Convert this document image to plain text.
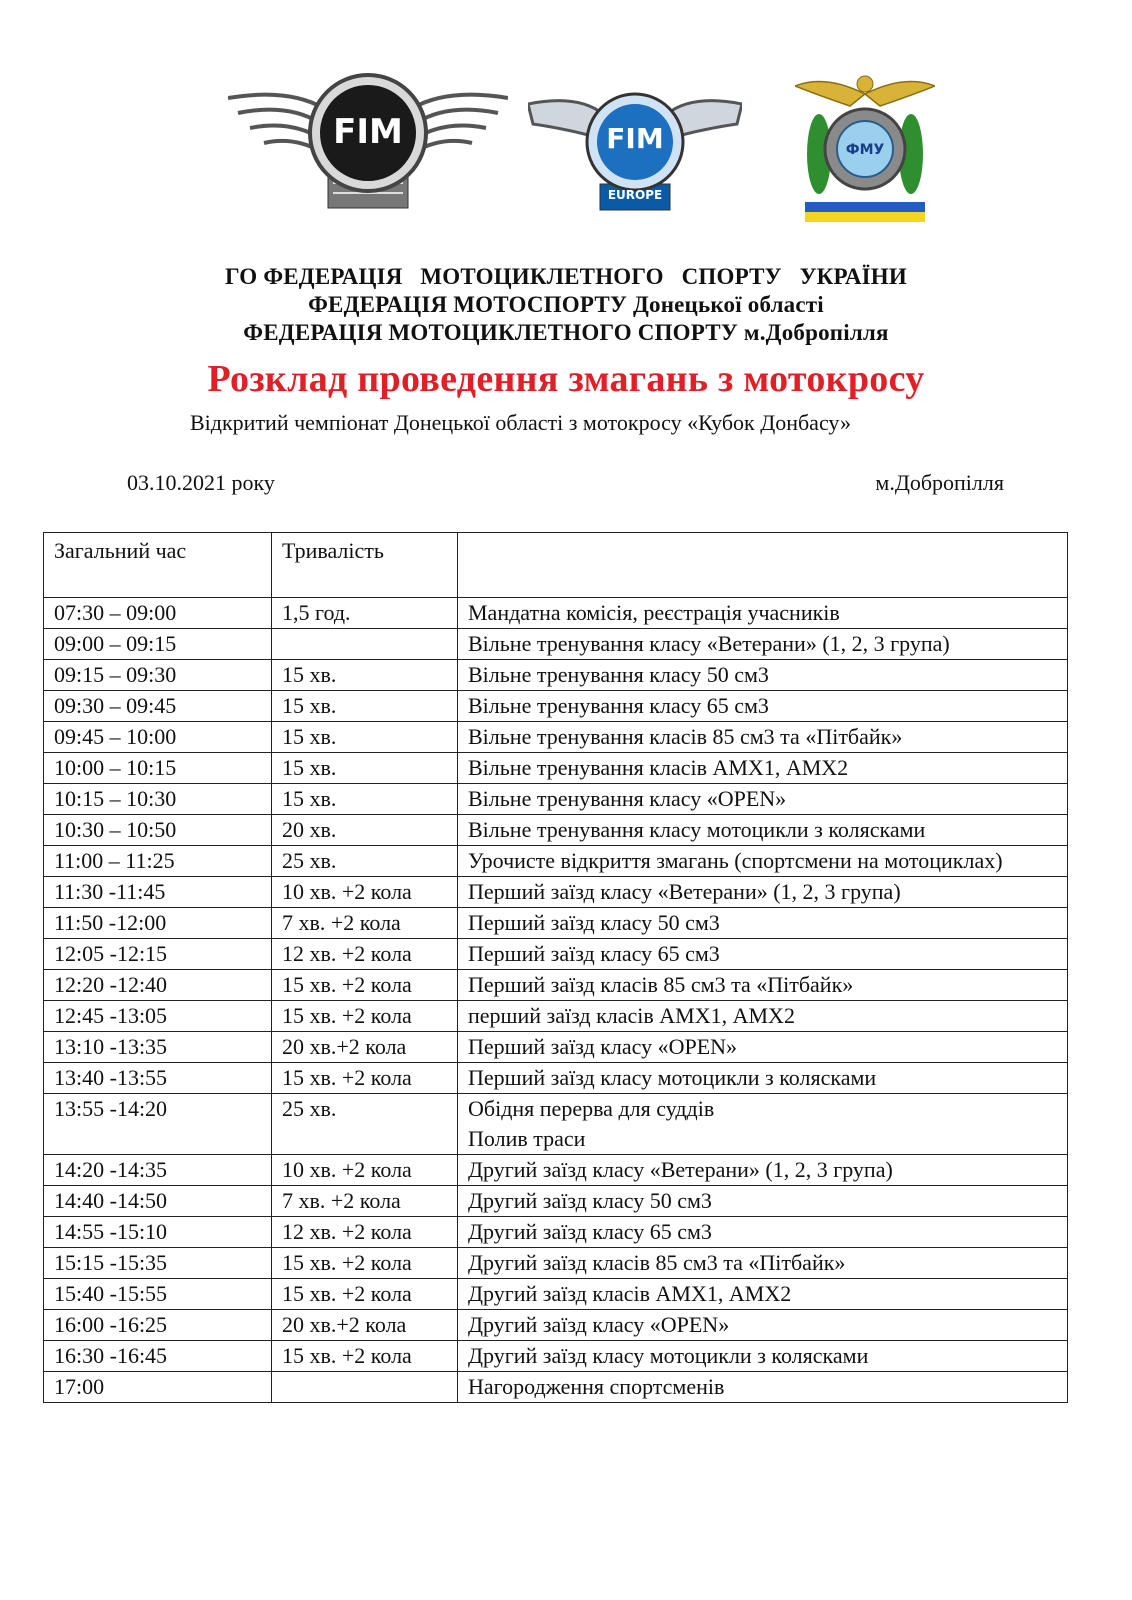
FIM	FIM
EUROPE
ФМУ
ГО ФЕДЕРАЦІЯ   МОТОЦИКЛЕТНОГО   СПОРТУ   УКРАЇНИ
ФЕДЕРАЦІЯ МОТОСПОРТУ Донецької області
ФЕДЕРАЦІЯ МОТОЦИКЛЕТНОГО СПОРТУ м.Добропілля
Розклад проведення змагань з мотокросу
Відкритий чемпіонат Донецької області з мотокросу «Кубок Донбасу»
03.10.2021 року	м.Добропілля
Загальний час	Тривалість	
07:30 – 09:00	1,5 год.	Мандатна комісія, реєстрація учасників

09:00 – 09:15		Вільне тренування класу «Ветерани» (1, 2, 3 група)

09:15 – 09:30	15 хв.	Вільне тренування класу 50 см3

09:30 – 09:45	15 хв.	Вільне тренування класу 65 см3

09:45 – 10:00	15 хв.	Вільне тренування класів 85 см3 та «Пітбайк»

10:00 – 10:15	15 хв.	Вільне тренування класів АМХ1, АМХ2

10:15 – 10:30	15 хв.	Вільне тренування класу «OPEN»

10:30 – 10:50	20 хв.	Вільне тренування класу мотоцикли з колясками

11:00 – 11:25	25 хв.	Урочисте відкриття змагань (спортсмени на мотоциклах)

11:30 -11:45	10 хв. +2 кола	Перший заїзд класу «Ветерани» (1, 2, 3 група)

11:50 -12:00	7 хв. +2 кола	Перший заїзд класу 50 см3

12:05 -12:15	12 хв. +2 кола	Перший заїзд класу 65 см3

12:20 -12:40	15 хв. +2 кола	Перший заїзд класів 85 см3 та «Пітбайк»

12:45 -13:05	15 хв. +2 кола	перший заїзд класів АМХ1, АМХ2

13:10 -13:35	20 хв.+2 кола	Перший заїзд класу «OPEN»

13:40 -13:55	15 хв. +2 кола	Перший заїзд класу мотоцикли з колясками

13:55 -14:20	25 хв.	Обідня перерва для суддів
Полив траси

14:20 -14:35	10 хв. +2 кола	Другий заїзд класу «Ветерани» (1, 2, 3 група)

14:40 -14:50	7 хв. +2 кола	Другий заїзд класу 50 см3

14:55 -15:10	12 хв. +2 кола	Другий заїзд класу 65 см3

15:15 -15:35	15 хв. +2 кола	Другий заїзд класів 85 см3 та «Пітбайк»

15:40 -15:55	15 хв. +2 кола	Другий заїзд класів АМХ1, АМХ2

16:00 -16:25	20 хв.+2 кола	Другий заїзд класу «OPEN»

16:30 -16:45	15 хв. +2 кола	Другий заїзд класу мотоцикли з колясками

17:00		Нагородження спортсменів
